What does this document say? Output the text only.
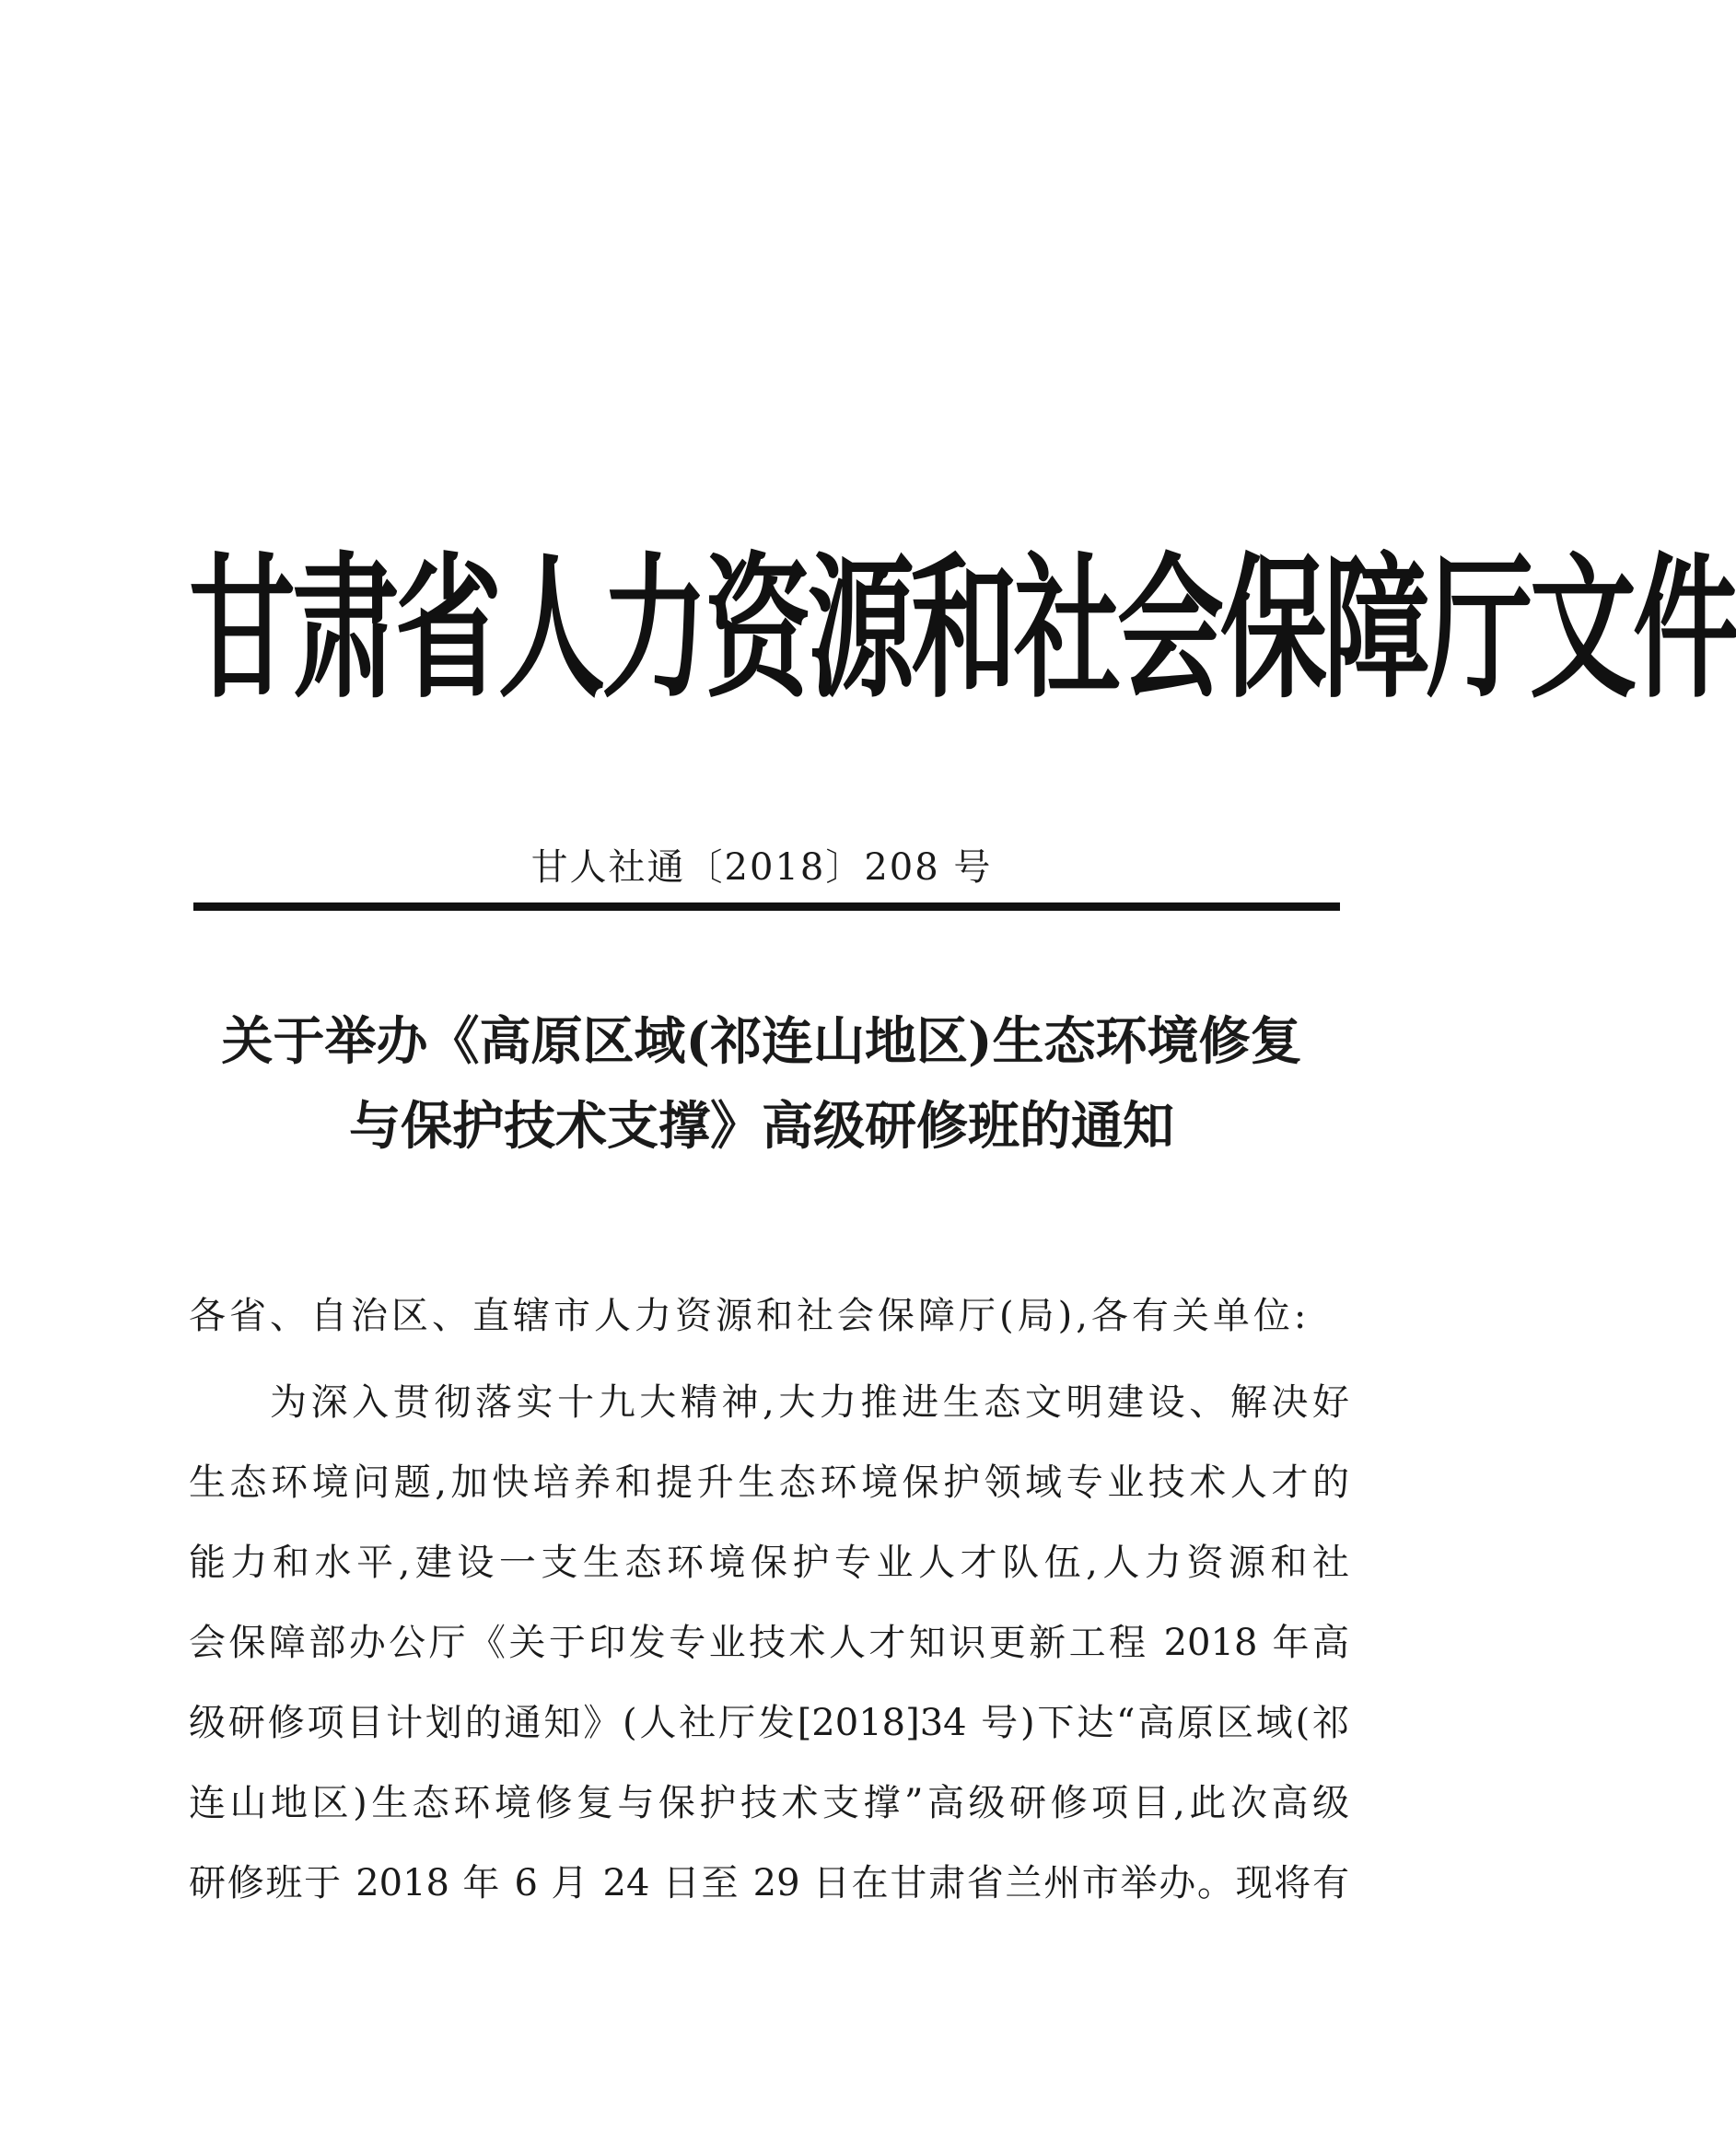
甘肃省人力资源和社会保障厅文件
甘人社通〔2018〕208 号
关于举办《高原区域(祁连山地区)生态环境修复
与保护技术支撑》高级研修班的通知
各省、自治区、直辖市人力资源和社会保障厅(局),各有关单位:
为深入贯彻落实十九大精神,大力推进生态文明建设、解决好
生态环境问题,加快培养和提升生态环境保护领域专业技术人才的
能力和水平,建设一支生态环境保护专业人才队伍,人力资源和社
会保障部办公厅《关于印发专业技术人才知识更新工程 2018 年高
级研修项目计划的通知》(人社厅发[2018]34 号)下达“高原区域(祁
连山地区)生态环境修复与保护技术支撑”高级研修项目,此次高级
研修班于 2018 年 6 月 24 日至 29 日在甘肃省兰州市举办。现将有
